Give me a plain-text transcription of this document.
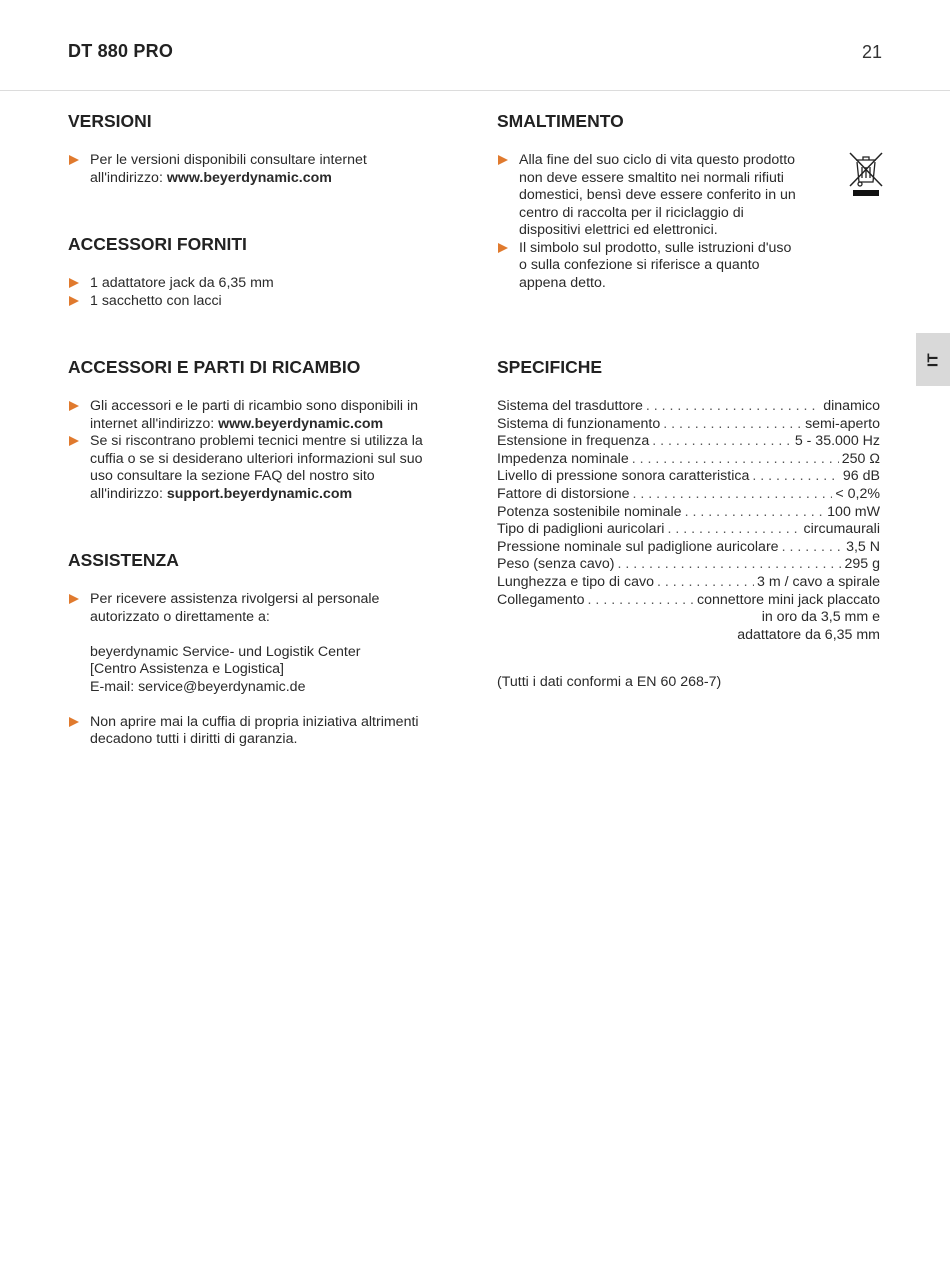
DT 880 PRO	21
IT
VERSIONI
Per le versioni disponibili consultare internet all'indirizzo: www.beyerdynamic.com
ACCESSORI FORNITI
1 adattatore jack da 6,35 mm
1 sacchetto con lacci
ACCESSORI E PARTI DI RICAMBIO
Gli accessori e le parti di ricambio sono disponibili in internet all'indirizzo: www.beyerdynamic.com
Se si riscontrano problemi tecnici mentre si utilizza la cuffia o se si desiderano ulteriori informazioni sul suo uso consultare la sezione FAQ del nostro sito all'indirizzo: support.beyerdynamic.com
ASSISTENZA
Per ricevere assistenza rivolgersi al personale autorizzato o direttamente a:
beyerdynamic Service- und Logistik Center
[Centro Assistenza e Logistica]
E-mail: service@beyerdynamic.de
Non aprire mai la cuffia di propria iniziativa altrimenti decadono tutti i diritti di garanzia.
SMALTIMENTO
Alla fine del suo ciclo di vita questo prodotto non deve essere smaltito nei normali rifiuti domestici, bensì deve essere conferito in un centro di raccolta per il riciclaggio di dispositivi elettrici ed elettronici.
Il simbolo sul prodotto, sulle istruzioni d'uso o sulla confezione si riferisce a quanto appena detto.
SPECIFICHE
Sistema del trasduttore . . .	dinamico
Sistema di funzionamento . . .	semi-aperto
Estensione in frequenza . . .	5 - 35.000 Hz
Impedenza nominale . . .	250 Ω
Livello di pressione sonora caratteristica . . .	96 dB
Fattore di distorsione . . .	< 0,2%
Potenza sostenibile nominale . . .	100 mW
Tipo di padiglioni auricolari . . .	circumaurali
Pressione nominale sul padiglione auricolare . . .	3,5 N
Peso (senza cavo) . . .	295 g
Lunghezza e tipo di cavo . . .	3 m / cavo a spirale
Collegamento . . .	connettore mini jack placcato
in oro da 3,5 mm e
adattatore da 6,35 mm
(Tutti i dati conformi a EN 60 268-7)
